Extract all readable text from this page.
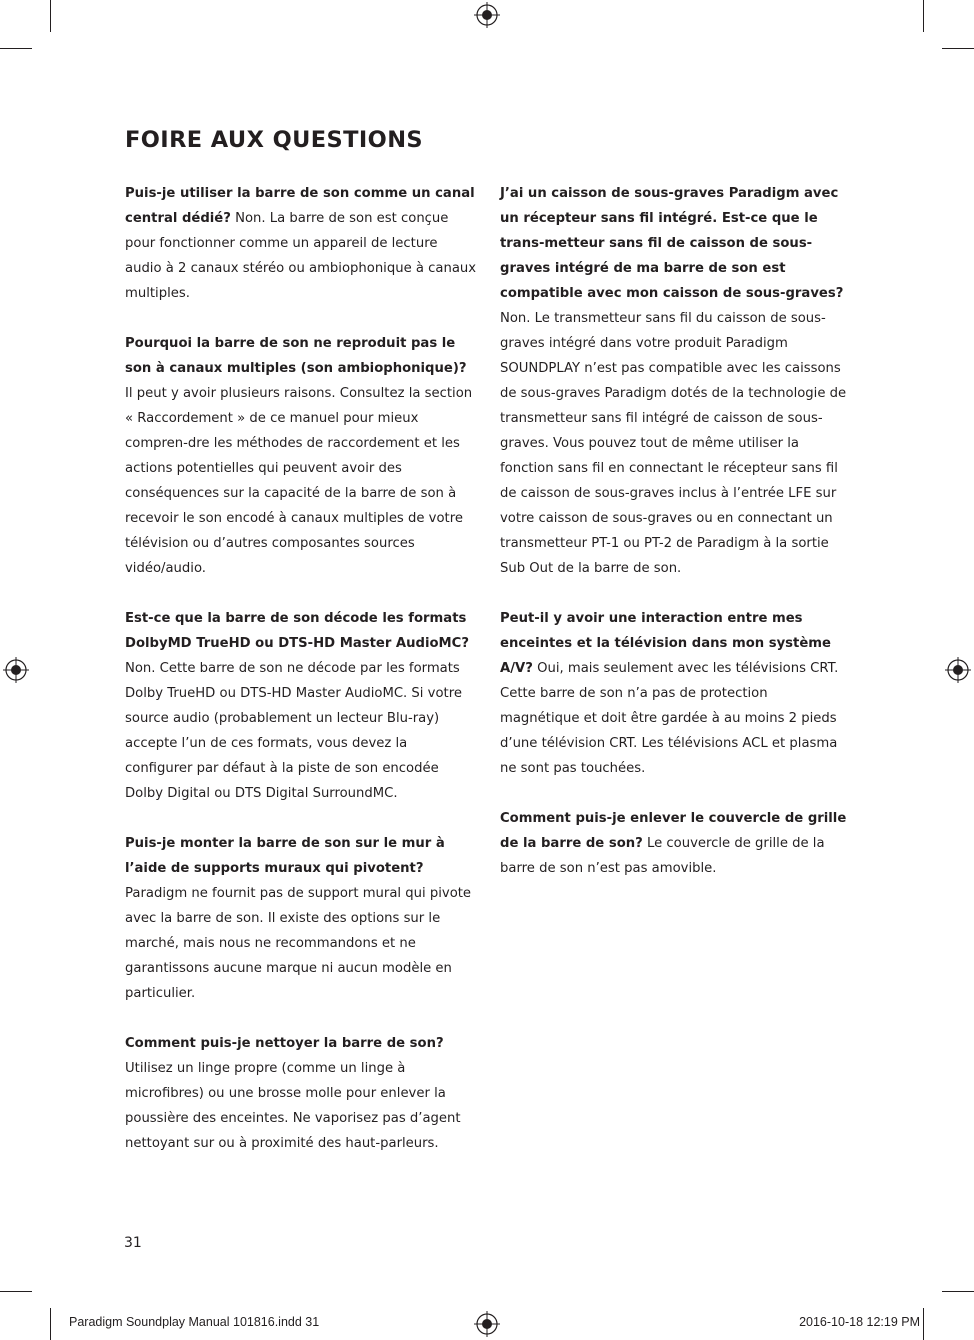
FOIRE AUX QUESTIONS

Puis-je utiliser la barre de son comme un canal central dédié? Non. La barre de son est conçue pour fonctionner comme un appareil de lecture audio à 2 canaux stéréo ou ambiophonique à canaux multiples.

Pourquoi la barre de son ne reproduit pas le son à canaux multiples (son ambiophonique)? Il peut y avoir plusieurs raisons. Consultez la section « Raccordement » de ce manuel pour mieux compren-dre les méthodes de raccordement et les actions potentielles qui peuvent avoir des conséquences sur la capacité de la barre de son à recevoir le son encodé à canaux multiples de votre télévision ou d’autres composantes sources vidéo/audio.

Est-ce que la barre de son décode les formats DolbyMD TrueHD ou DTS-HD Master AudioMC? Non. Cette barre de son ne décode par les formats Dolby TrueHD ou DTS-HD Master AudioMC. Si votre source audio (probablement un lecteur Blu-ray) accepte l’un de ces formats, vous devez la configurer par défaut à la piste de son encodée Dolby Digital ou DTS Digital SurroundMC.

Puis-je monter la barre de son sur le mur à l’aide de supports muraux qui pivotent? Paradigm ne fournit pas de support mural qui pivote avec la barre de son. Il existe des options sur le marché, mais nous ne recommandons et ne garantissons aucune marque ni aucun modèle en particulier.

Comment puis-je nettoyer la barre de son? Utilisez un linge propre (comme un linge à microfibres) ou une brosse molle pour enlever la poussière des enceintes. Ne vaporisez pas d’agent nettoyant sur ou à proximité des haut-parleurs.

J’ai un caisson de sous-graves Paradigm avec un récepteur sans fil intégré. Est-ce que le trans-metteur sans fil de caisson de sous-graves intégré de ma barre de son est compatible avec mon caisson de sous-graves?
Non. Le transmetteur sans fil du caisson de sous-graves intégré dans votre produit Paradigm SOUNDPLAY n’est pas compatible avec les caissons de sous-graves Paradigm dotés de la technologie de transmetteur sans fil intégré de caisson de sous-graves. Vous pouvez tout de même utiliser la fonction sans fil en connectant le récepteur sans fil de caisson de sous-graves inclus à l’entrée LFE sur votre caisson de sous-graves ou en connectant un transmetteur PT-1 ou PT-2 de Paradigm à la sortie Sub Out de la barre de son.

Peut-il y avoir une interaction entre mes enceintes et la télévision dans mon système A/V? Oui, mais seulement avec les télévisions CRT. Cette barre de son n’a pas de protection magnétique et doit être gardée à au moins 2 pieds d’une télévision CRT. Les télévisions ACL et plasma ne sont pas touchées.

Comment puis-je enlever le couvercle de grille de la barre de son? Le couvercle de grille de la barre de son n’est pas amovible.

31
Paradigm Soundplay Manual 101816.indd 31	2016-10-18 12:19 PM
